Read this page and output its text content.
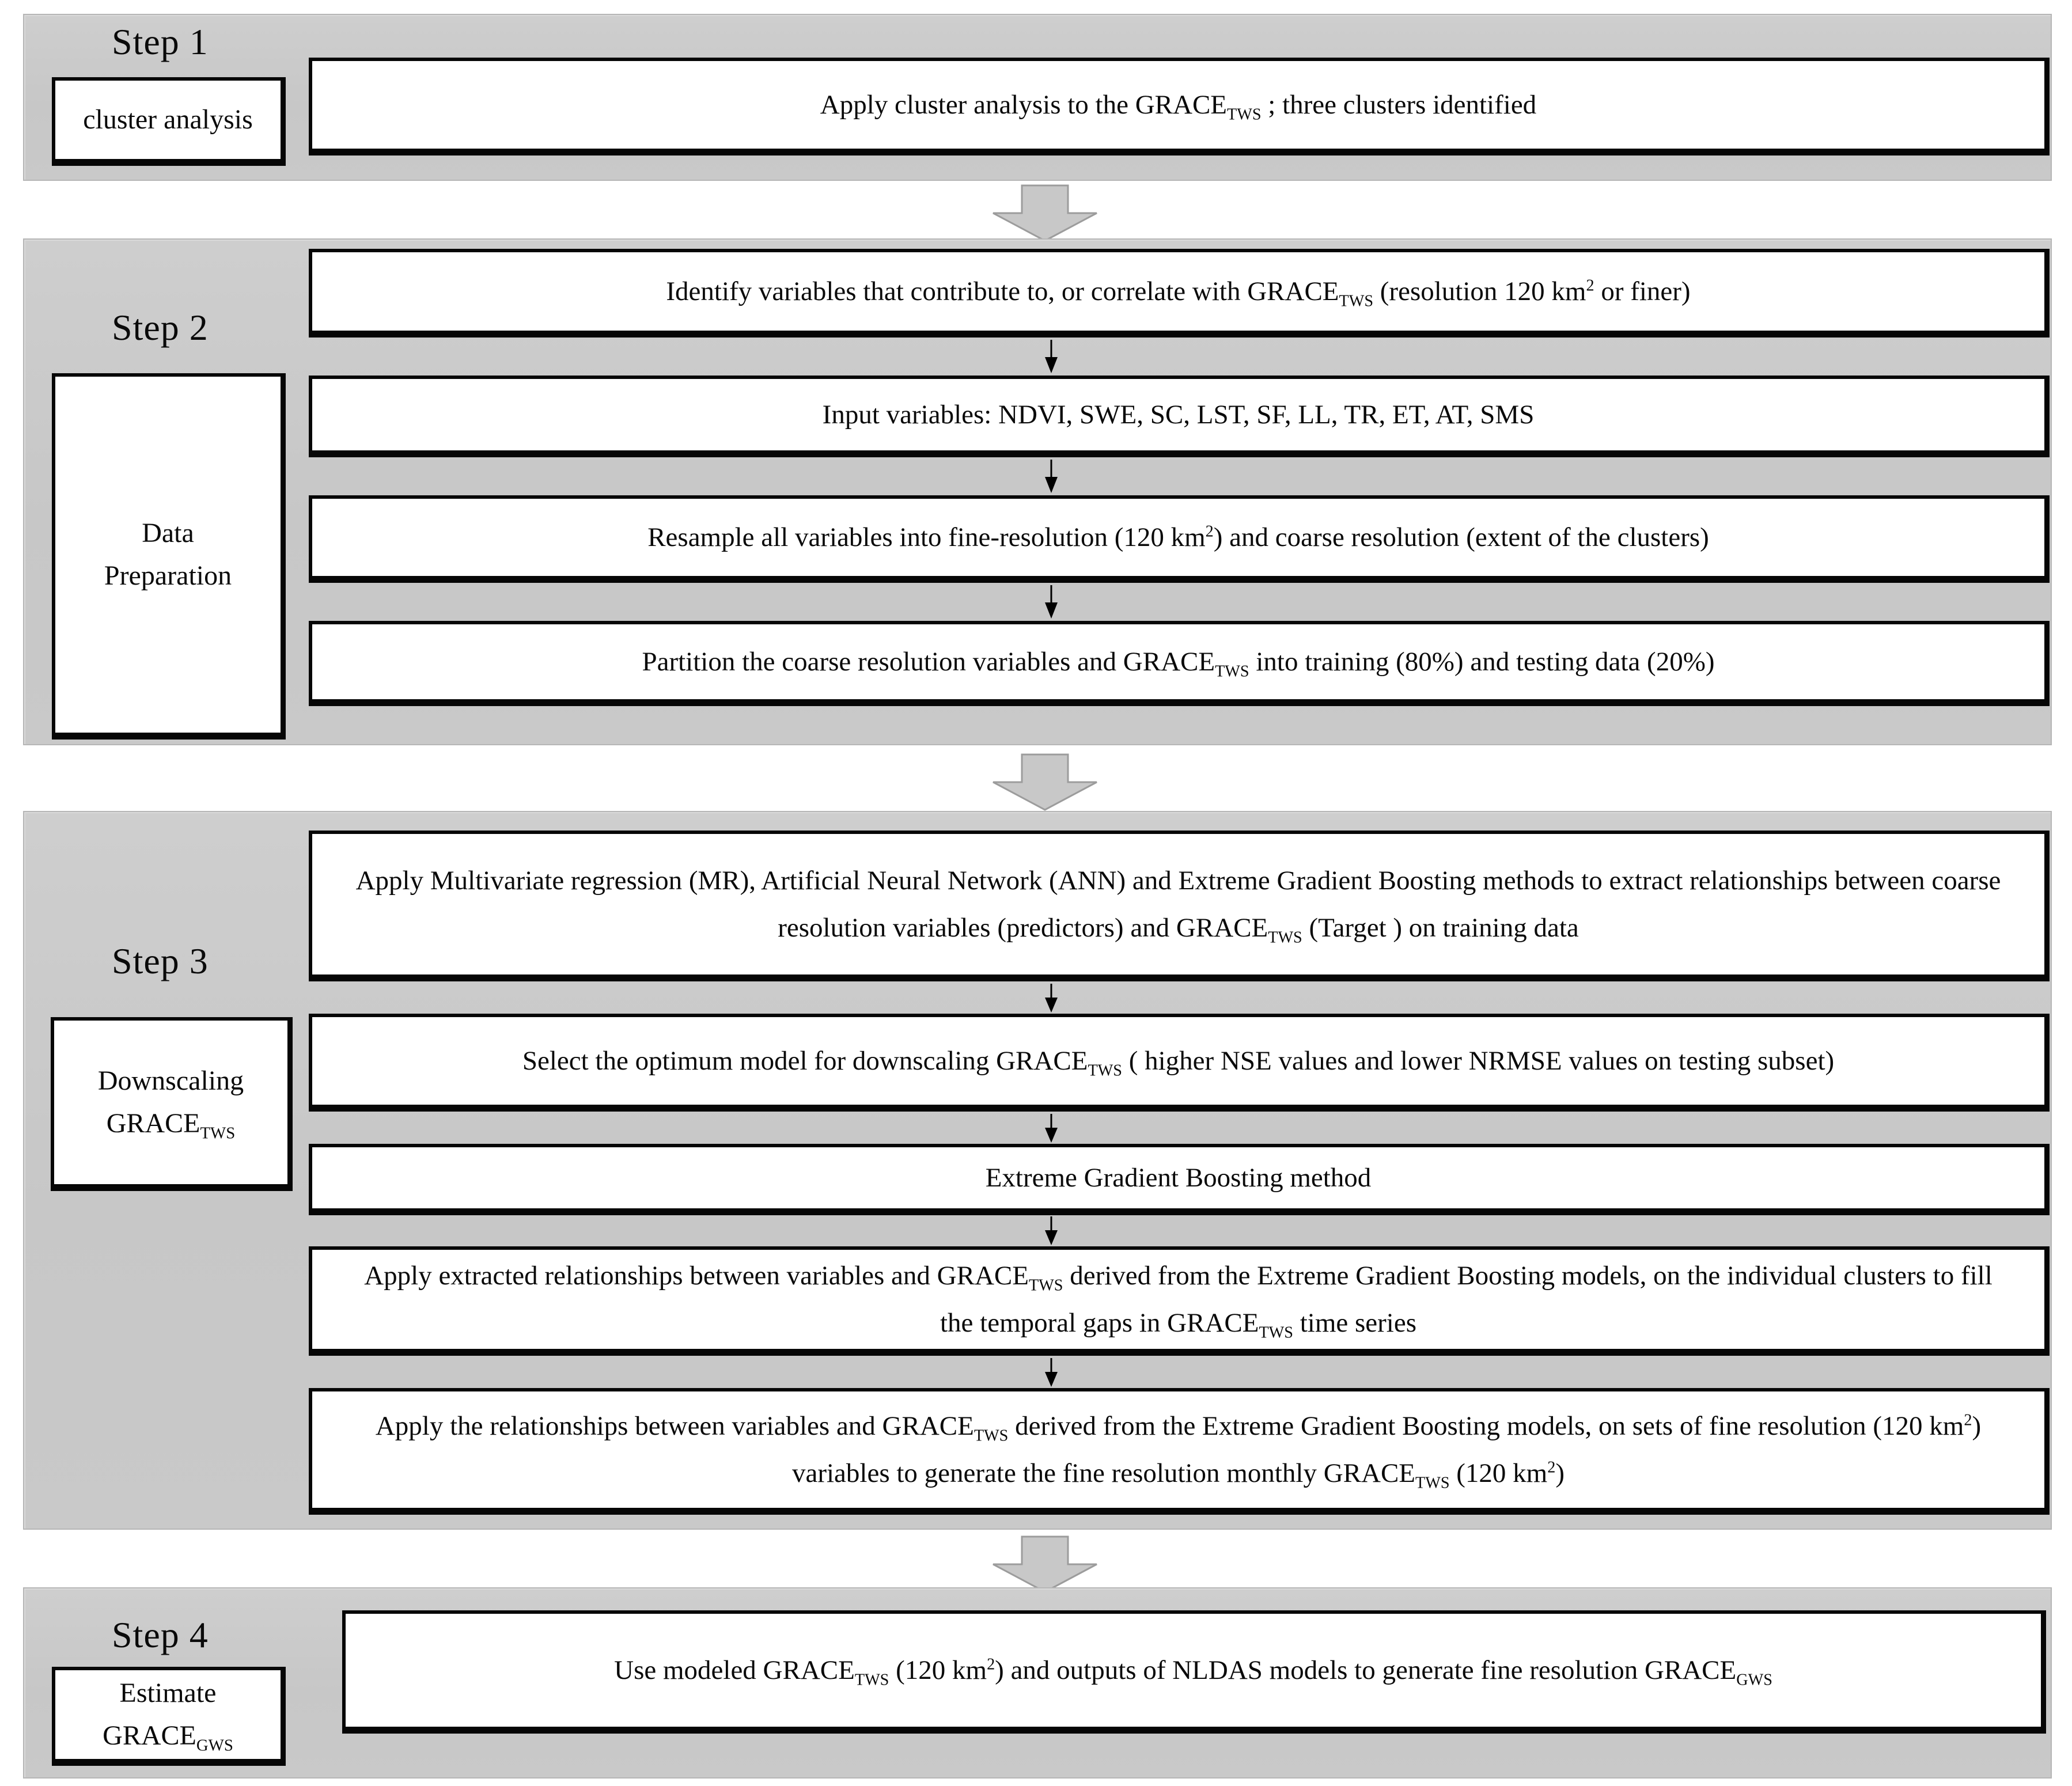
Step 1
cluster analysis	Apply cluster analysis to the $GRACE_{TWS}$ ; three clusters identified
Step 2
Data Preparation
Identify variables that contribute to, or correlate with $GRACE_{TWS}$ (resolution 120 $km^2$ or finer)
Input variables: NDVI, SWE, SC, LST, SF, LL, TR, ET, AT, SMS
Resample all variables into fine-resolution (120 $km^2$) and coarse resolution (extent of the clusters)
Partition the coarse resolution variables and $GRACE_{TWS}$ into training (80%) and testing data (20%)
Step 3
Downscaling $GRACE_{TWS}$
Apply Multivariate regression (MR), Artificial Neural Network (ANN) and Extreme Gradient Boosting methods to extract relationships between coarse resolution variables (predictors) and $GRACE_{TWS}$ (Target ) on training data
Select the optimum model for downscaling $GRACE_{TWS}$ ( higher NSE values and lower NRMSE values on testing subset)
Extreme Gradient Boosting method
Apply extracted relationships between variables and $GRACE_{TWS}$ derived from the Extreme Gradient Boosting models, on the individual clusters to fill the temporal gaps in $GRACE_{TWS}$ time series
Apply the relationships between variables and $GRACE_{TWS}$ derived from the Extreme Gradient Boosting models, on sets of fine resolution (120 $km^2$) variables to generate the fine resolution monthly $GRACE_{TWS}$ (120 $km^2$)
Step 4
Estimate $GRACE_{GWS}$
Use modeled $GRACE_{TWS}$ (120 $km^2$) and outputs of NLDAS models to generate fine resolution $GRACE_{GWS}$
